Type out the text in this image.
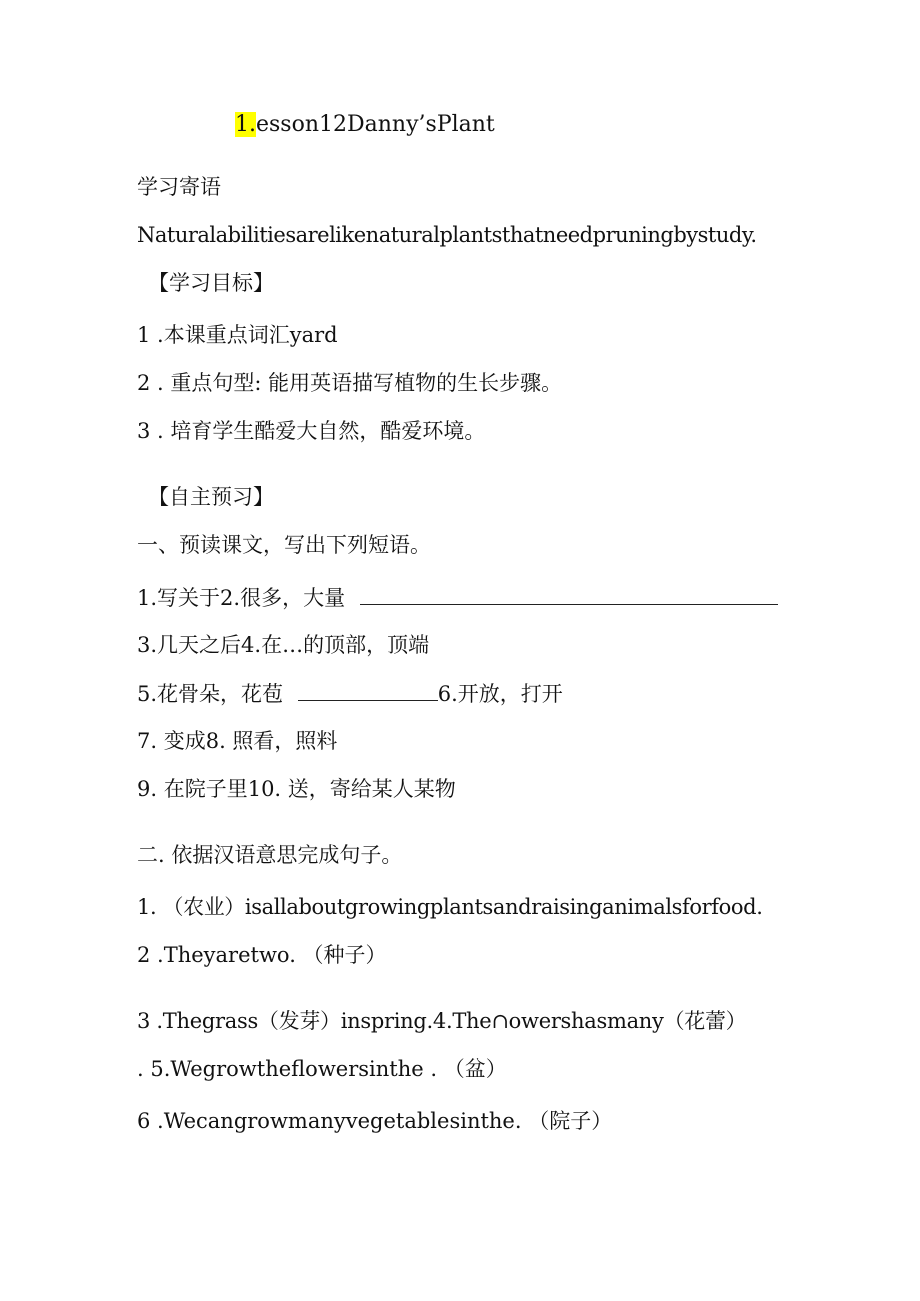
1.esson12Danny’sPlant
学习寄语
Naturalabilitiesarelikenaturalplantsthatneedpruningbystudy.
【学习目标】
1 .本课重点词汇yard
2 . 重点句型: 能用英语描写植物的生长步骤。
3 . 培育学生酷爱大自然，酷爱环境。
【自主预习】
一、预读课文，写出下列短语。
1.写关于2.很多，大量
3.几天之后4.在…的顶部，顶端
5.花骨朵，花苞	6.开放，打开
7. 变成8. 照看，照料
9. 在院子里10. 送，寄给某人某物
二. 依据汉语意思完成句子。
1. （农业）isallaboutgrowingplantsandraisinganimalsforfood.
2 .Theyaretwo. （种子）
3 .Thegrass（发芽）inspring.4.The∩owershasmany（花蕾）
. 5.Wegrowtheflowersinthe . （盆）
6 .Wecangrowmanyvegetablesinthe. （院子）
